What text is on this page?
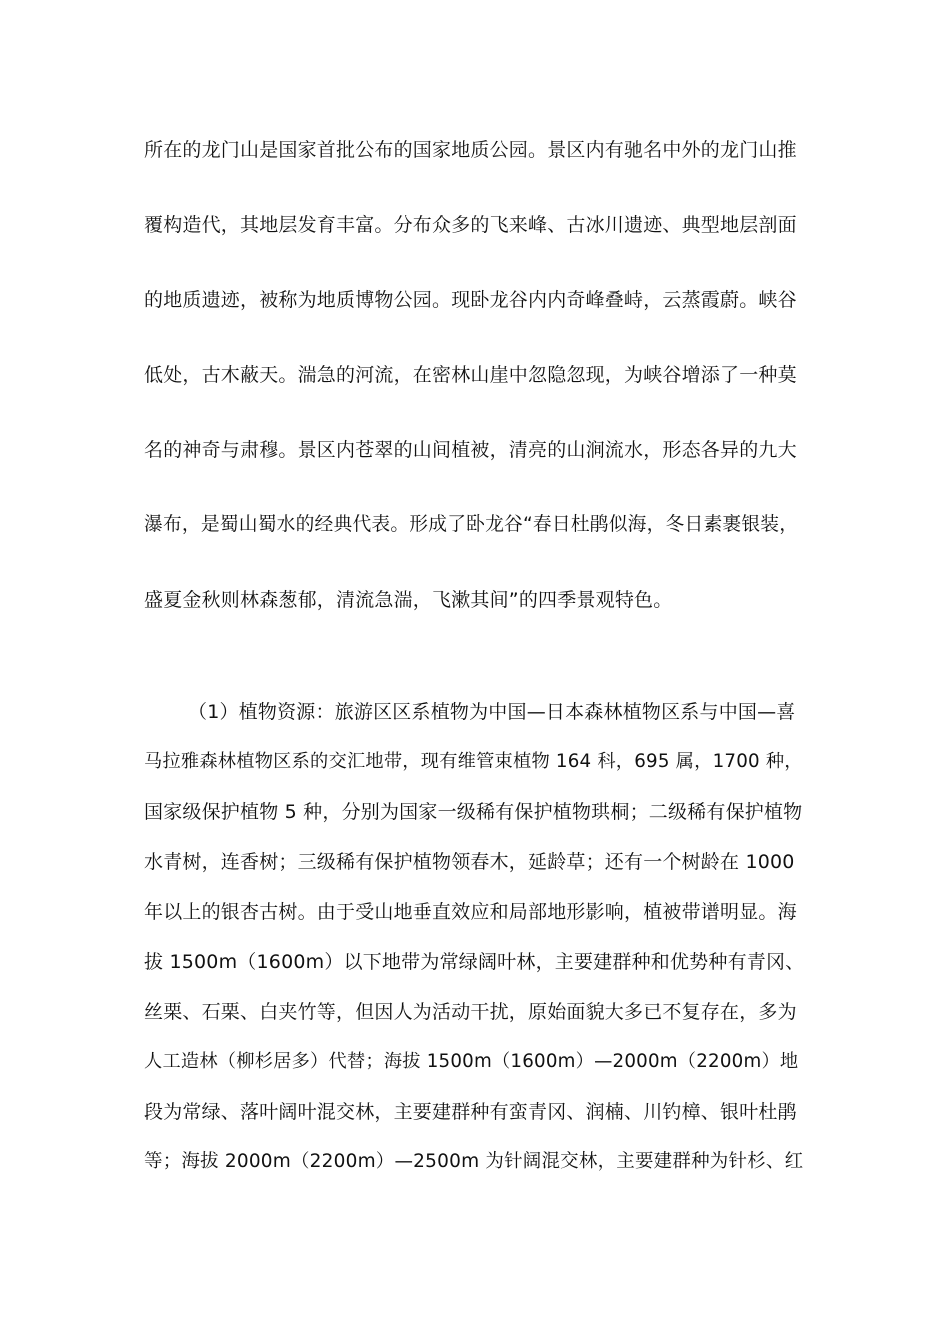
所在的龙门山是国家首批公布的国家地质公园。景区内有驰名中外的龙门山推
覆构造代，其地层发育丰富。分布众多的飞来峰、古冰川遗迹、典型地层剖面
的地质遗迹，被称为地质博物公园。现卧龙谷内内奇峰叠峙，云蒸霞蔚。峡谷
低处，古木蔽天。湍急的河流，在密林山崖中忽隐忽现，为峡谷增添了一种莫
名的神奇与肃穆。景区内苍翠的山间植被，清亮的山涧流水，形态各异的九大
瀑布，是蜀山蜀水的经典代表。形成了卧龙谷“春日杜鹃似海，冬日素裹银装，
盛夏金秋则林森葱郁，清流急湍，飞漱其间”的四季景观特色。
（1）植物资源：旅游区区系植物为中国—日本森林植物区系与中国—喜
马拉雅森林植物区系的交汇地带，现有维管束植物 164 科，695 属，1700 种，
国家级保护植物 5 种，分别为国家一级稀有保护植物珙桐；二级稀有保护植物
水青树，连香树；三级稀有保护植物领春木，延龄草；还有一个树龄在 1000
年以上的银杏古树。由于受山地垂直效应和局部地形影响，植被带谱明显。海
拔 1500m（1600m）以下地带为常绿阔叶林，主要建群种和优势种有青冈、
丝栗、石栗、白夹竹等，但因人为活动干扰，原始面貌大多已不复存在，多为
人工造林（柳杉居多）代替；海拔 1500m（1600m）—2000m（2200m）地
段为常绿、落叶阔叶混交林，主要建群种有蛮青冈、润楠、川钓樟、银叶杜鹃
等；海拔 2000m（2200m）—2500m 为针阔混交林，主要建群种为针杉、红
